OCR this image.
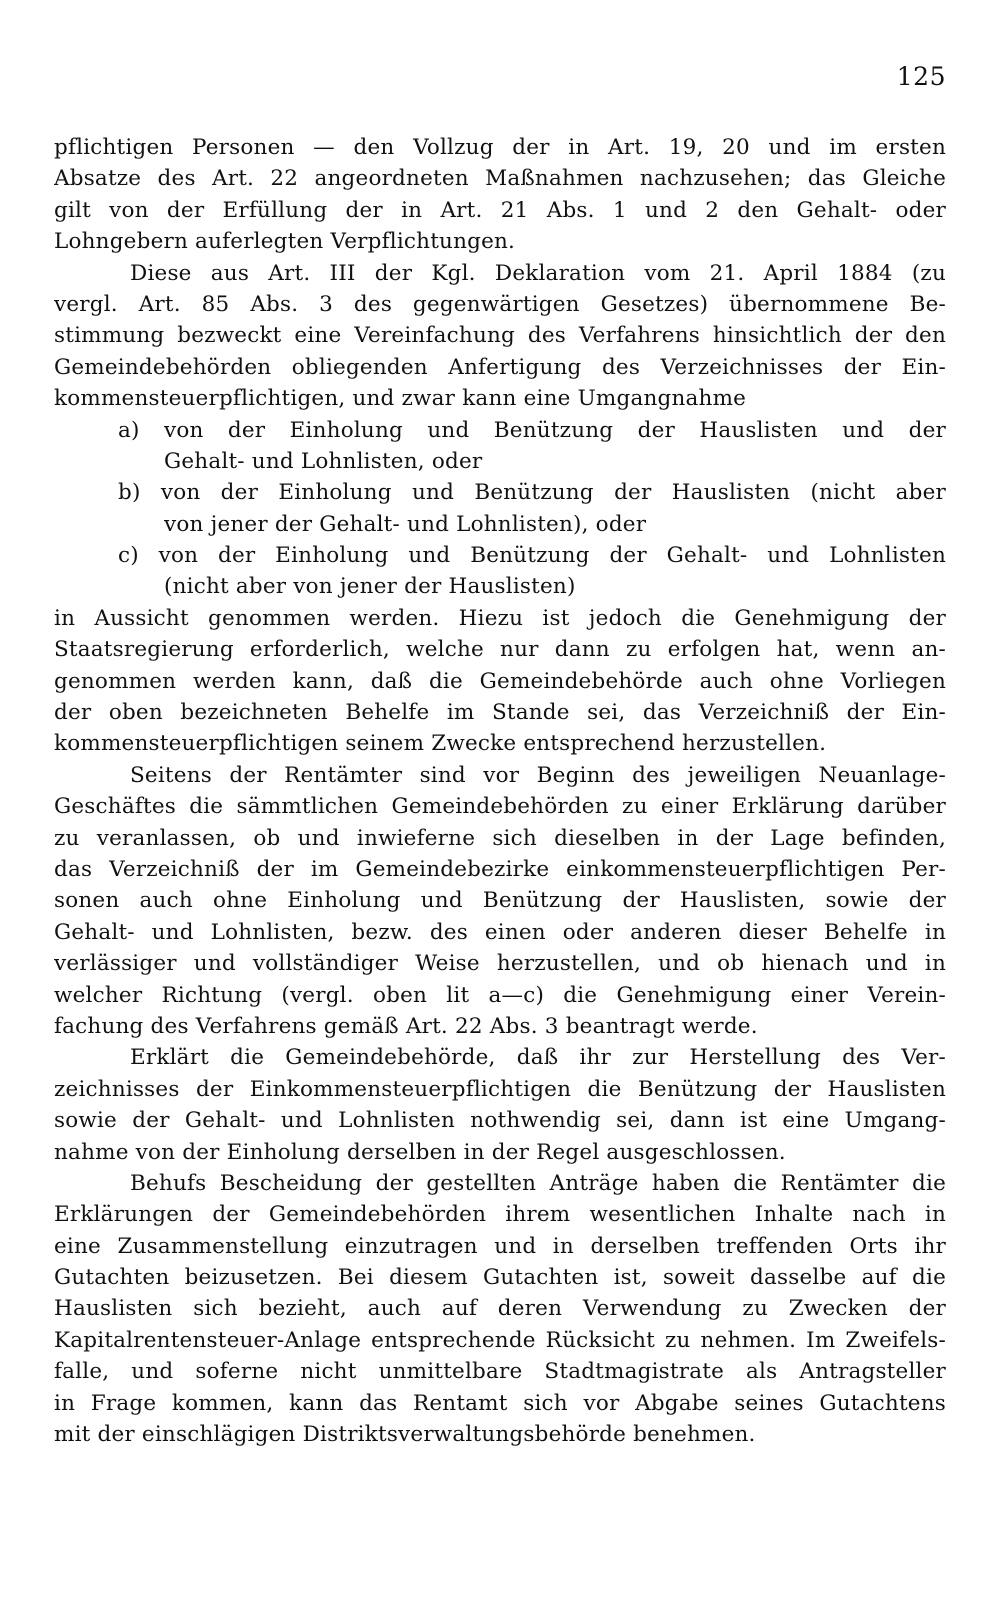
125
pflichtigen Personen — den Vollzug der in Art. 19, 20 und im ersten
Absatze des Art. 22 angeordneten Maßnahmen nachzusehen; das Gleiche
gilt von der Erfüllung der in Art. 21 Abs. 1 und 2 den Gehalt- oder
Lohngebern auferlegten Verpflichtungen.
Diese aus Art. III der Kgl. Deklaration vom 21. April 1884 (zu
vergl. Art. 85 Abs. 3 des gegenwärtigen Gesetzes) übernommene Be-
stimmung bezweckt eine Vereinfachung des Verfahrens hinsichtlich der den
Gemeindebehörden obliegenden Anfertigung des Verzeichnisses der Ein-
kommensteuerpflichtigen, und zwar kann eine Umgangnahme
a) von der Einholung und Benützung der Hauslisten und der
Gehalt- und Lohnlisten, oder
b) von der Einholung und Benützung der Hauslisten (nicht aber
von jener der Gehalt- und Lohnlisten), oder
c) von der Einholung und Benützung der Gehalt- und Lohnlisten
(nicht aber von jener der Hauslisten)
in Aussicht genommen werden. Hiezu ist jedoch die Genehmigung der
Staatsregierung erforderlich, welche nur dann zu erfolgen hat, wenn an-
genommen werden kann, daß die Gemeindebehörde auch ohne Vorliegen
der oben bezeichneten Behelfe im Stande sei, das Verzeichniß der Ein-
kommensteuerpflichtigen seinem Zwecke entsprechend herzustellen.
Seitens der Rentämter sind vor Beginn des jeweiligen Neuanlage-
Geschäftes die sämmtlichen Gemeindebehörden zu einer Erklärung darüber
zu veranlassen, ob und inwieferne sich dieselben in der Lage befinden,
das Verzeichniß der im Gemeindebezirke einkommensteuerpflichtigen Per-
sonen auch ohne Einholung und Benützung der Hauslisten, sowie der
Gehalt- und Lohnlisten, bezw. des einen oder anderen dieser Behelfe in
verlässiger und vollständiger Weise herzustellen, und ob hienach und in
welcher Richtung (vergl. oben lit a—c) die Genehmigung einer Verein-
fachung des Verfahrens gemäß Art. 22 Abs. 3 beantragt werde.
Erklärt die Gemeindebehörde, daß ihr zur Herstellung des Ver-
zeichnisses der Einkommensteuerpflichtigen die Benützung der Hauslisten
sowie der Gehalt- und Lohnlisten nothwendig sei, dann ist eine Umgang-
nahme von der Einholung derselben in der Regel ausgeschlossen.
Behufs Bescheidung der gestellten Anträge haben die Rentämter die
Erklärungen der Gemeindebehörden ihrem wesentlichen Inhalte nach in
eine Zusammenstellung einzutragen und in derselben treffenden Orts ihr
Gutachten beizusetzen. Bei diesem Gutachten ist, soweit dasselbe auf die
Hauslisten sich bezieht, auch auf deren Verwendung zu Zwecken der
Kapitalrentensteuer-Anlage entsprechende Rücksicht zu nehmen. Im Zweifels-
falle, und soferne nicht unmittelbare Stadtmagistrate als Antragsteller
in Frage kommen, kann das Rentamt sich vor Abgabe seines Gutachtens
mit der einschlägigen Distriktsverwaltungsbehörde benehmen.
